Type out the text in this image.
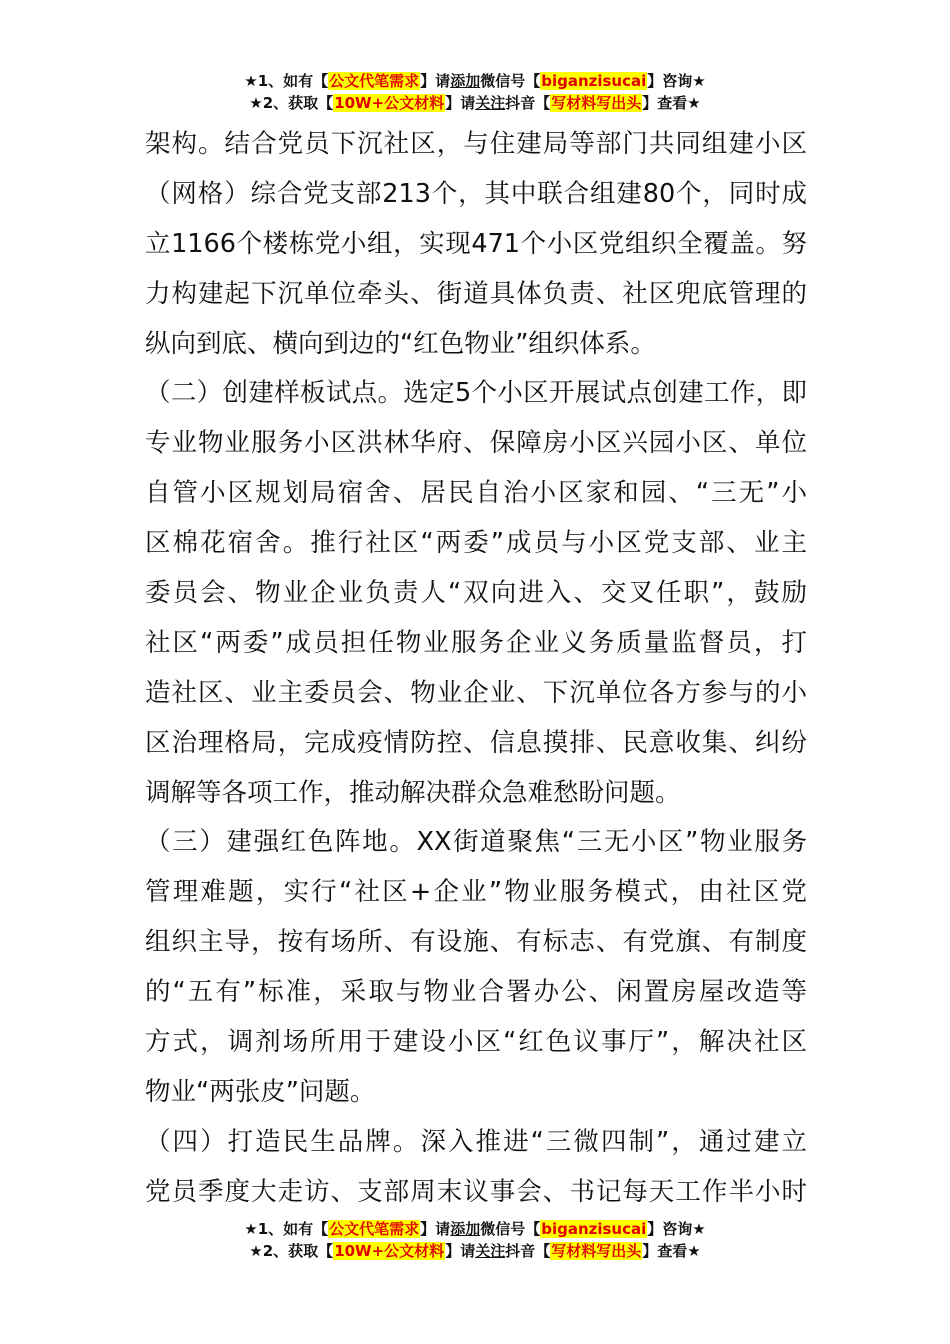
★1、如有【公文代笔需求】请添加微信号【biganzisucai】咨询★
★2、获取【10W+公文材料】请关注抖音【写材料写出头】查看★
架构。结合党员下沉社区，与住建局等部门共同组建小区
（网格）综合党支部213个，其中联合组建80个，同时成
立1166个楼栋党小组，实现471个小区党组织全覆盖。努
力构建起下沉单位牵头、街道具体负责、社区兜底管理的
纵向到底、横向到边的“红色物业”组织体系。
（二）创建样板试点。选定5个小区开展试点创建工作，即
专业物业服务小区洪林华府、保障房小区兴园小区、单位
自管小区规划局宿舍、居民自治小区家和园、“三无”小
区棉花宿舍。推行社区“两委”成员与小区党支部、业主
委员会、物业企业负责人“双向进入、交叉任职”，鼓励
社区“两委”成员担任物业服务企业义务质量监督员，打
造社区、业主委员会、物业企业、下沉单位各方参与的小
区治理格局，完成疫情防控、信息摸排、民意收集、纠纷
调解等各项工作，推动解决群众急难愁盼问题。
（三）建强红色阵地。XX街道聚焦“三无小区”物业服务
管理难题，实行“社区+企业”物业服务模式，由社区党
组织主导，按有场所、有设施、有标志、有党旗、有制度
的“五有”标准，采取与物业合署办公、闲置房屋改造等
方式，调剂场所用于建设小区“红色议事厅”，解决社区
物业“两张皮”问题。
（四）打造民生品牌。深入推进“三微四制”，通过建立
党员季度大走访、支部周末议事会、书记每天工作半小时
★1、如有【公文代笔需求】请添加微信号【biganzisucai】咨询★
★2、获取【10W+公文材料】请关注抖音【写材料写出头】查看★
